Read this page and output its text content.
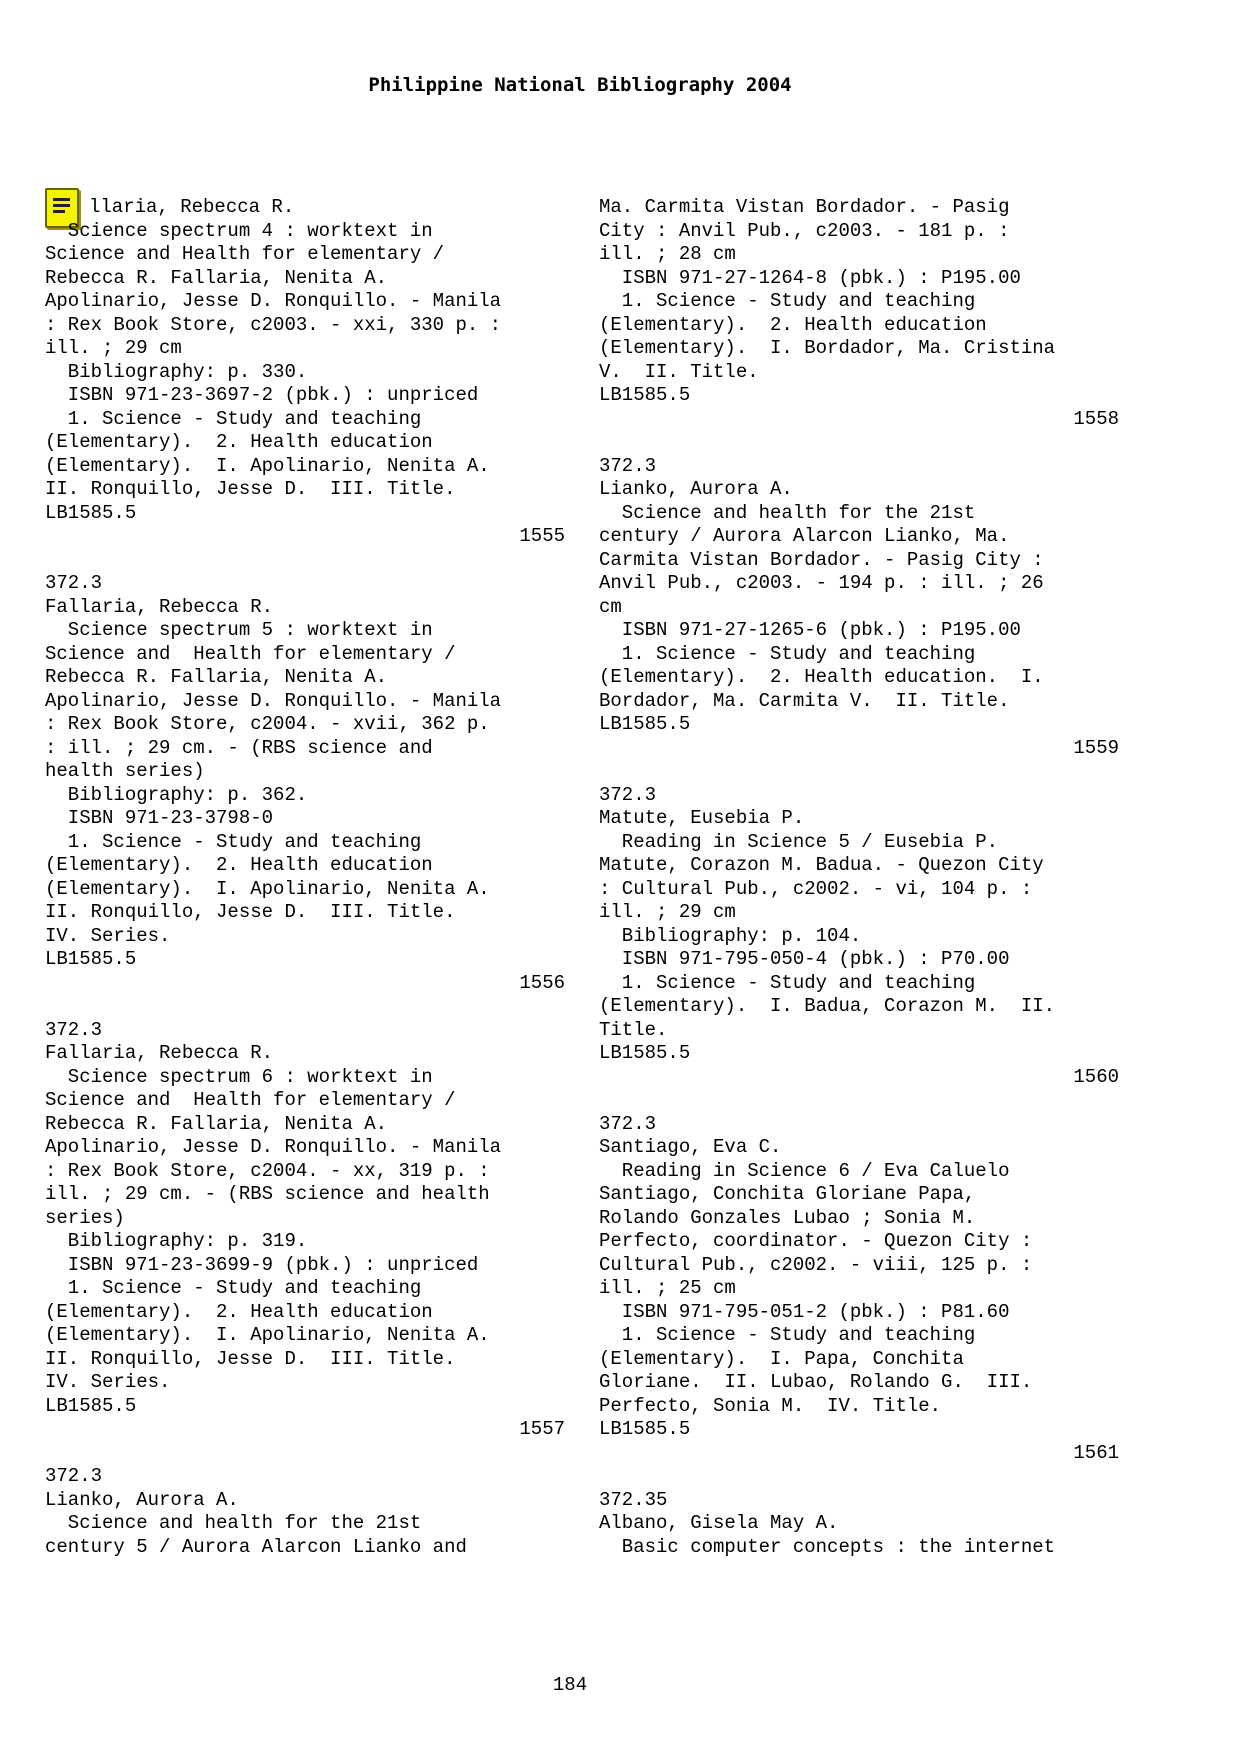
Philippine National Bibliography 2004
llaria, Rebecca R.
Science spectrum 4 : worktext in
Science and Health for elementary /
Rebecca R. Fallaria, Nenita A.
Apolinario, Jesse D. Ronquillo. - Manila
: Rex Book Store, c2003. - xxi, 330 p. :
ill. ; 29 cm
Bibliography: p. 330.
ISBN 971-23-3697-2 (pbk.) : unpriced
1. Science - Study and teaching
(Elementary).  2. Health education
(Elementary).  I. Apolinario, Nenita A.
II. Ronquillo, Jesse D.  III. Title.
LB1585.5
1555
372.3
Fallaria, Rebecca R.
Science spectrum 5 : worktext in
Science and  Health for elementary /
Rebecca R. Fallaria, Nenita A.
Apolinario, Jesse D. Ronquillo. - Manila
: Rex Book Store, c2004. - xvii, 362 p.
: ill. ; 29 cm. - (RBS science and
health series)
Bibliography: p. 362.
ISBN 971-23-3798-0
1. Science - Study and teaching
(Elementary).  2. Health education
(Elementary).  I. Apolinario, Nenita A.
II. Ronquillo, Jesse D.  III. Title.
IV. Series.
LB1585.5
1556
372.3
Fallaria, Rebecca R.
Science spectrum 6 : worktext in
Science and  Health for elementary /
Rebecca R. Fallaria, Nenita A.
Apolinario, Jesse D. Ronquillo. - Manila
: Rex Book Store, c2004. - xx, 319 p. :
ill. ; 29 cm. - (RBS science and health
series)
Bibliography: p. 319.
ISBN 971-23-3699-9 (pbk.) : unpriced
1. Science - Study and teaching
(Elementary).  2. Health education
(Elementary).  I. Apolinario, Nenita A.
II. Ronquillo, Jesse D.  III. Title.
IV. Series.
LB1585.5
1557
372.3
Lianko, Aurora A.
Science and health for the 21st
century 5 / Aurora Alarcon Lianko and
Ma. Carmita Vistan Bordador. - Pasig
City : Anvil Pub., c2003. - 181 p. :
ill. ; 28 cm
ISBN 971-27-1264-8 (pbk.) : P195.00
1. Science - Study and teaching
(Elementary).  2. Health education
(Elementary).  I. Bordador, Ma. Cristina
V.  II. Title.
LB1585.5
1558
372.3
Lianko, Aurora A.
Science and health for the 21st
century / Aurora Alarcon Lianko, Ma.
Carmita Vistan Bordador. - Pasig City :
Anvil Pub., c2003. - 194 p. : ill. ; 26
cm
ISBN 971-27-1265-6 (pbk.) : P195.00
1. Science - Study and teaching
(Elementary).  2. Health education.  I.
Bordador, Ma. Carmita V.  II. Title.
LB1585.5
1559
372.3
Matute, Eusebia P.
Reading in Science 5 / Eusebia P.
Matute, Corazon M. Badua. - Quezon City
: Cultural Pub., c2002. - vi, 104 p. :
ill. ; 29 cm
Bibliography: p. 104.
ISBN 971-795-050-4 (pbk.) : P70.00
1. Science - Study and teaching
(Elementary).  I. Badua, Corazon M.  II.
Title.
LB1585.5
1560
372.3
Santiago, Eva C.
Reading in Science 6 / Eva Caluelo
Santiago, Conchita Gloriane Papa,
Rolando Gonzales Lubao ; Sonia M.
Perfecto, coordinator. - Quezon City :
Cultural Pub., c2002. - viii, 125 p. :
ill. ; 25 cm
ISBN 971-795-051-2 (pbk.) : P81.60
1. Science - Study and teaching
(Elementary).  I. Papa, Conchita
Gloriane.  II. Lubao, Rolando G.  III.
Perfecto, Sonia M.  IV. Title.
LB1585.5
1561
372.35
Albano, Gisela May A.
Basic computer concepts : the internet
184
